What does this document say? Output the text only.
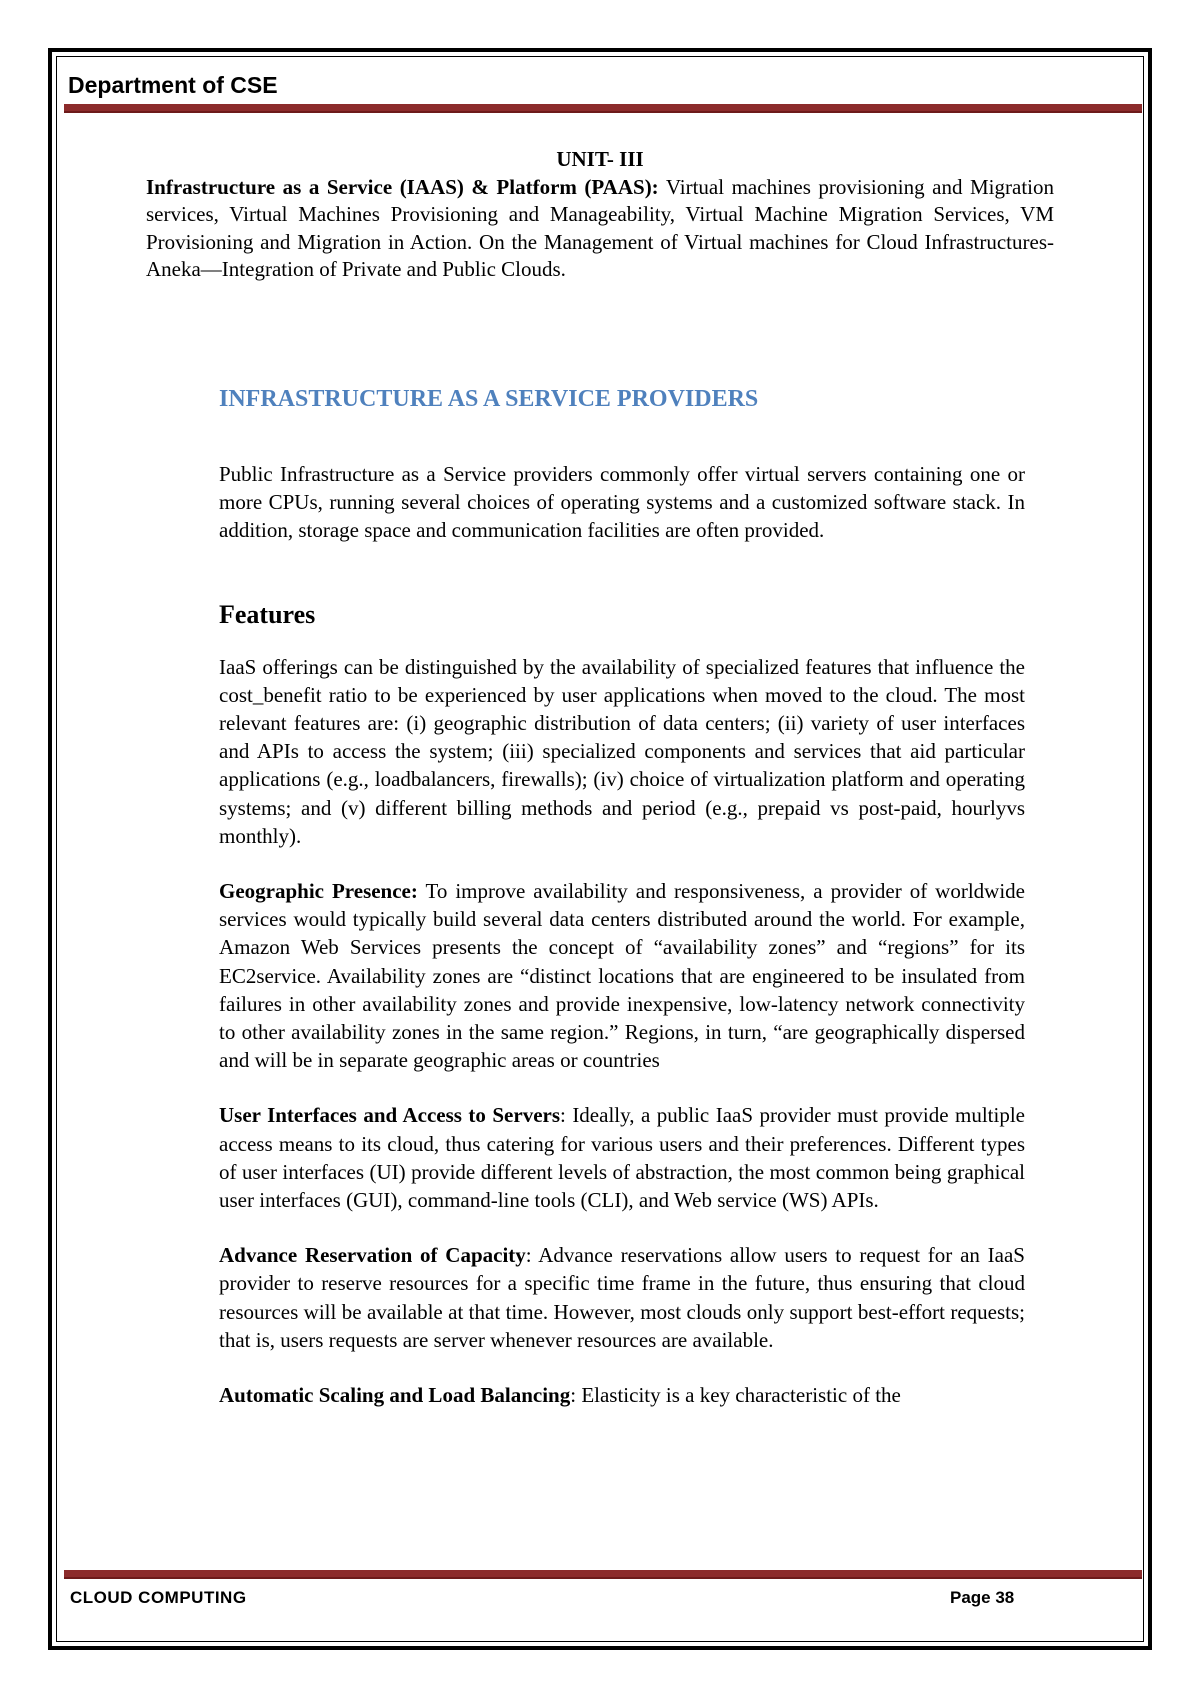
Department of CSE

UNIT- III

Infrastructure as a Service (IAAS) & Platform (PAAS): Virtual machines provisioning and Migration services, Virtual Machines Provisioning and Manageability, Virtual Machine Migration Services, VM Provisioning and Migration in Action. On the Management of Virtual machines for Cloud Infrastructures- Aneka—Integration of Private and Public Clouds.

INFRASTRUCTURE AS A SERVICE PROVIDERS

Public Infrastructure as a Service providers commonly offer virtual servers containing one or more CPUs, running several choices of operating systems and a customized software stack. In addition, storage space and communication facilities are often provided.

Features

IaaS offerings can be distinguished by the availability of specialized features that influence the cost_benefit ratio to be experienced by user applications when moved to the cloud. The most relevant features are: (i) geographic distribution of data centers; (ii) variety of user interfaces and APIs to access the system; (iii) specialized components and services that aid particular applications (e.g., loadbalancers, firewalls); (iv) choice of virtualization platform and operating systems; and (v) different billing methods and period (e.g., prepaid vs post-paid, hourlyvs monthly).

Geographic Presence: To improve availability and responsiveness, a provider of worldwide services would typically build several data centers distributed around the world. For example, Amazon Web Services presents the concept of “availability zones” and “regions” for its EC2service. Availability zones are “distinct locations that are engineered to be insulated from failures in other availability zones and provide inexpensive, low-latency network connectivity to other availability zones in the same region.” Regions, in turn, “are geographically dispersed and will be in separate geographic areas or countries

User Interfaces and Access to Servers: Ideally, a public IaaS provider must provide multiple access means to its cloud, thus catering for various users and their preferences. Different types of user interfaces (UI) provide different levels of abstraction, the most common being graphical user interfaces (GUI), command-line tools (CLI), and Web service (WS) APIs.

Advance Reservation of Capacity: Advance reservations allow users to request for an IaaS provider to reserve resources for a specific time frame in the future, thus ensuring that cloud resources will be available at that time. However, most clouds only support best-effort requests; that is, users requests are server whenever resources are available.

Automatic Scaling and Load Balancing: Elasticity is a key characteristic of the

CLOUD COMPUTING	Page 38
